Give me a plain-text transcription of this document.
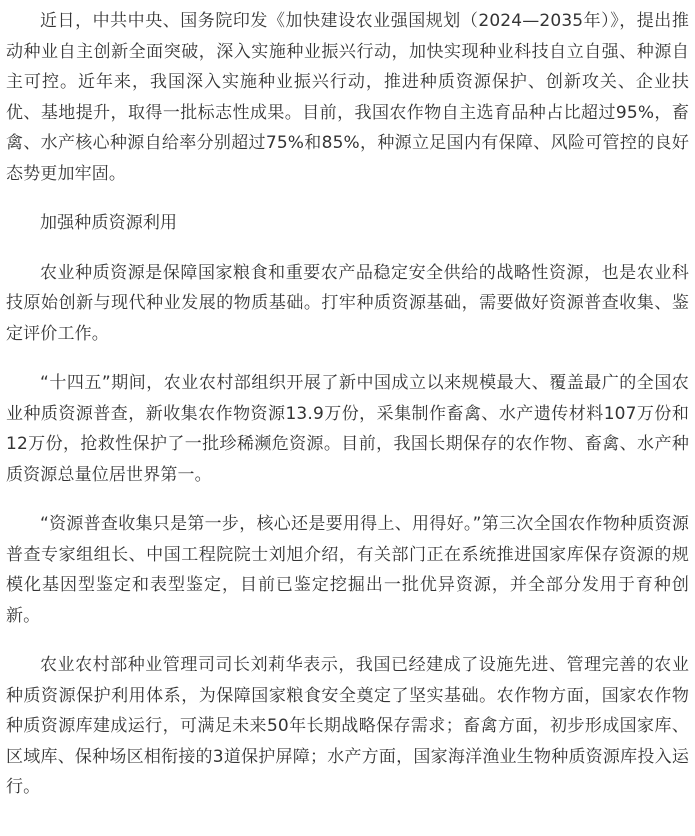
近日，中共中央、国务院印发《加快建设农业强国规划（2024—2035年）》，提出推动种业自主创新全面突破，深入实施种业振兴行动，加快实现种业科技自立自强、种源自主可控。近年来，我国深入实施种业振兴行动，推进种质资源保护、创新攻关、企业扶优、基地提升，取得一批标志性成果。目前，我国农作物自主选育品种占比超过95%，畜禽、水产核心种源自给率分别超过75%和85%，种源立足国内有保障、风险可管控的良好态势更加牢固。

加强种质资源利用

农业种质资源是保障国家粮食和重要农产品稳定安全供给的战略性资源，也是农业科技原始创新与现代种业发展的物质基础。打牢种质资源基础，需要做好资源普查收集、鉴定评价工作。

“十四五”期间，农业农村部组织开展了新中国成立以来规模最大、覆盖最广的全国农业种质资源普查，新收集农作物资源13.9万份，采集制作畜禽、水产遗传材料107万份和12万份，抢救性保护了一批珍稀濒危资源。目前，我国长期保存的农作物、畜禽、水产种质资源总量位居世界第一。

“资源普查收集只是第一步，核心还是要用得上、用得好。”第三次全国农作物种质资源普查专家组组长、中国工程院院士刘旭介绍，有关部门正在系统推进国家库保存资源的规模化基因型鉴定和表型鉴定，目前已鉴定挖掘出一批优异资源，并全部分发用于育种创新。

农业农村部种业管理司司长刘莉华表示，我国已经建成了设施先进、管理完善的农业种质资源保护利用体系，为保障国家粮食安全奠定了坚实基础。农作物方面，国家农作物种质资源库建成运行，可满足未来50年长期战略保存需求；畜禽方面，初步形成国家库、区域库、保种场区相衔接的3道保护屏障；水产方面，国家海洋渔业生物种质资源库投入运行。
